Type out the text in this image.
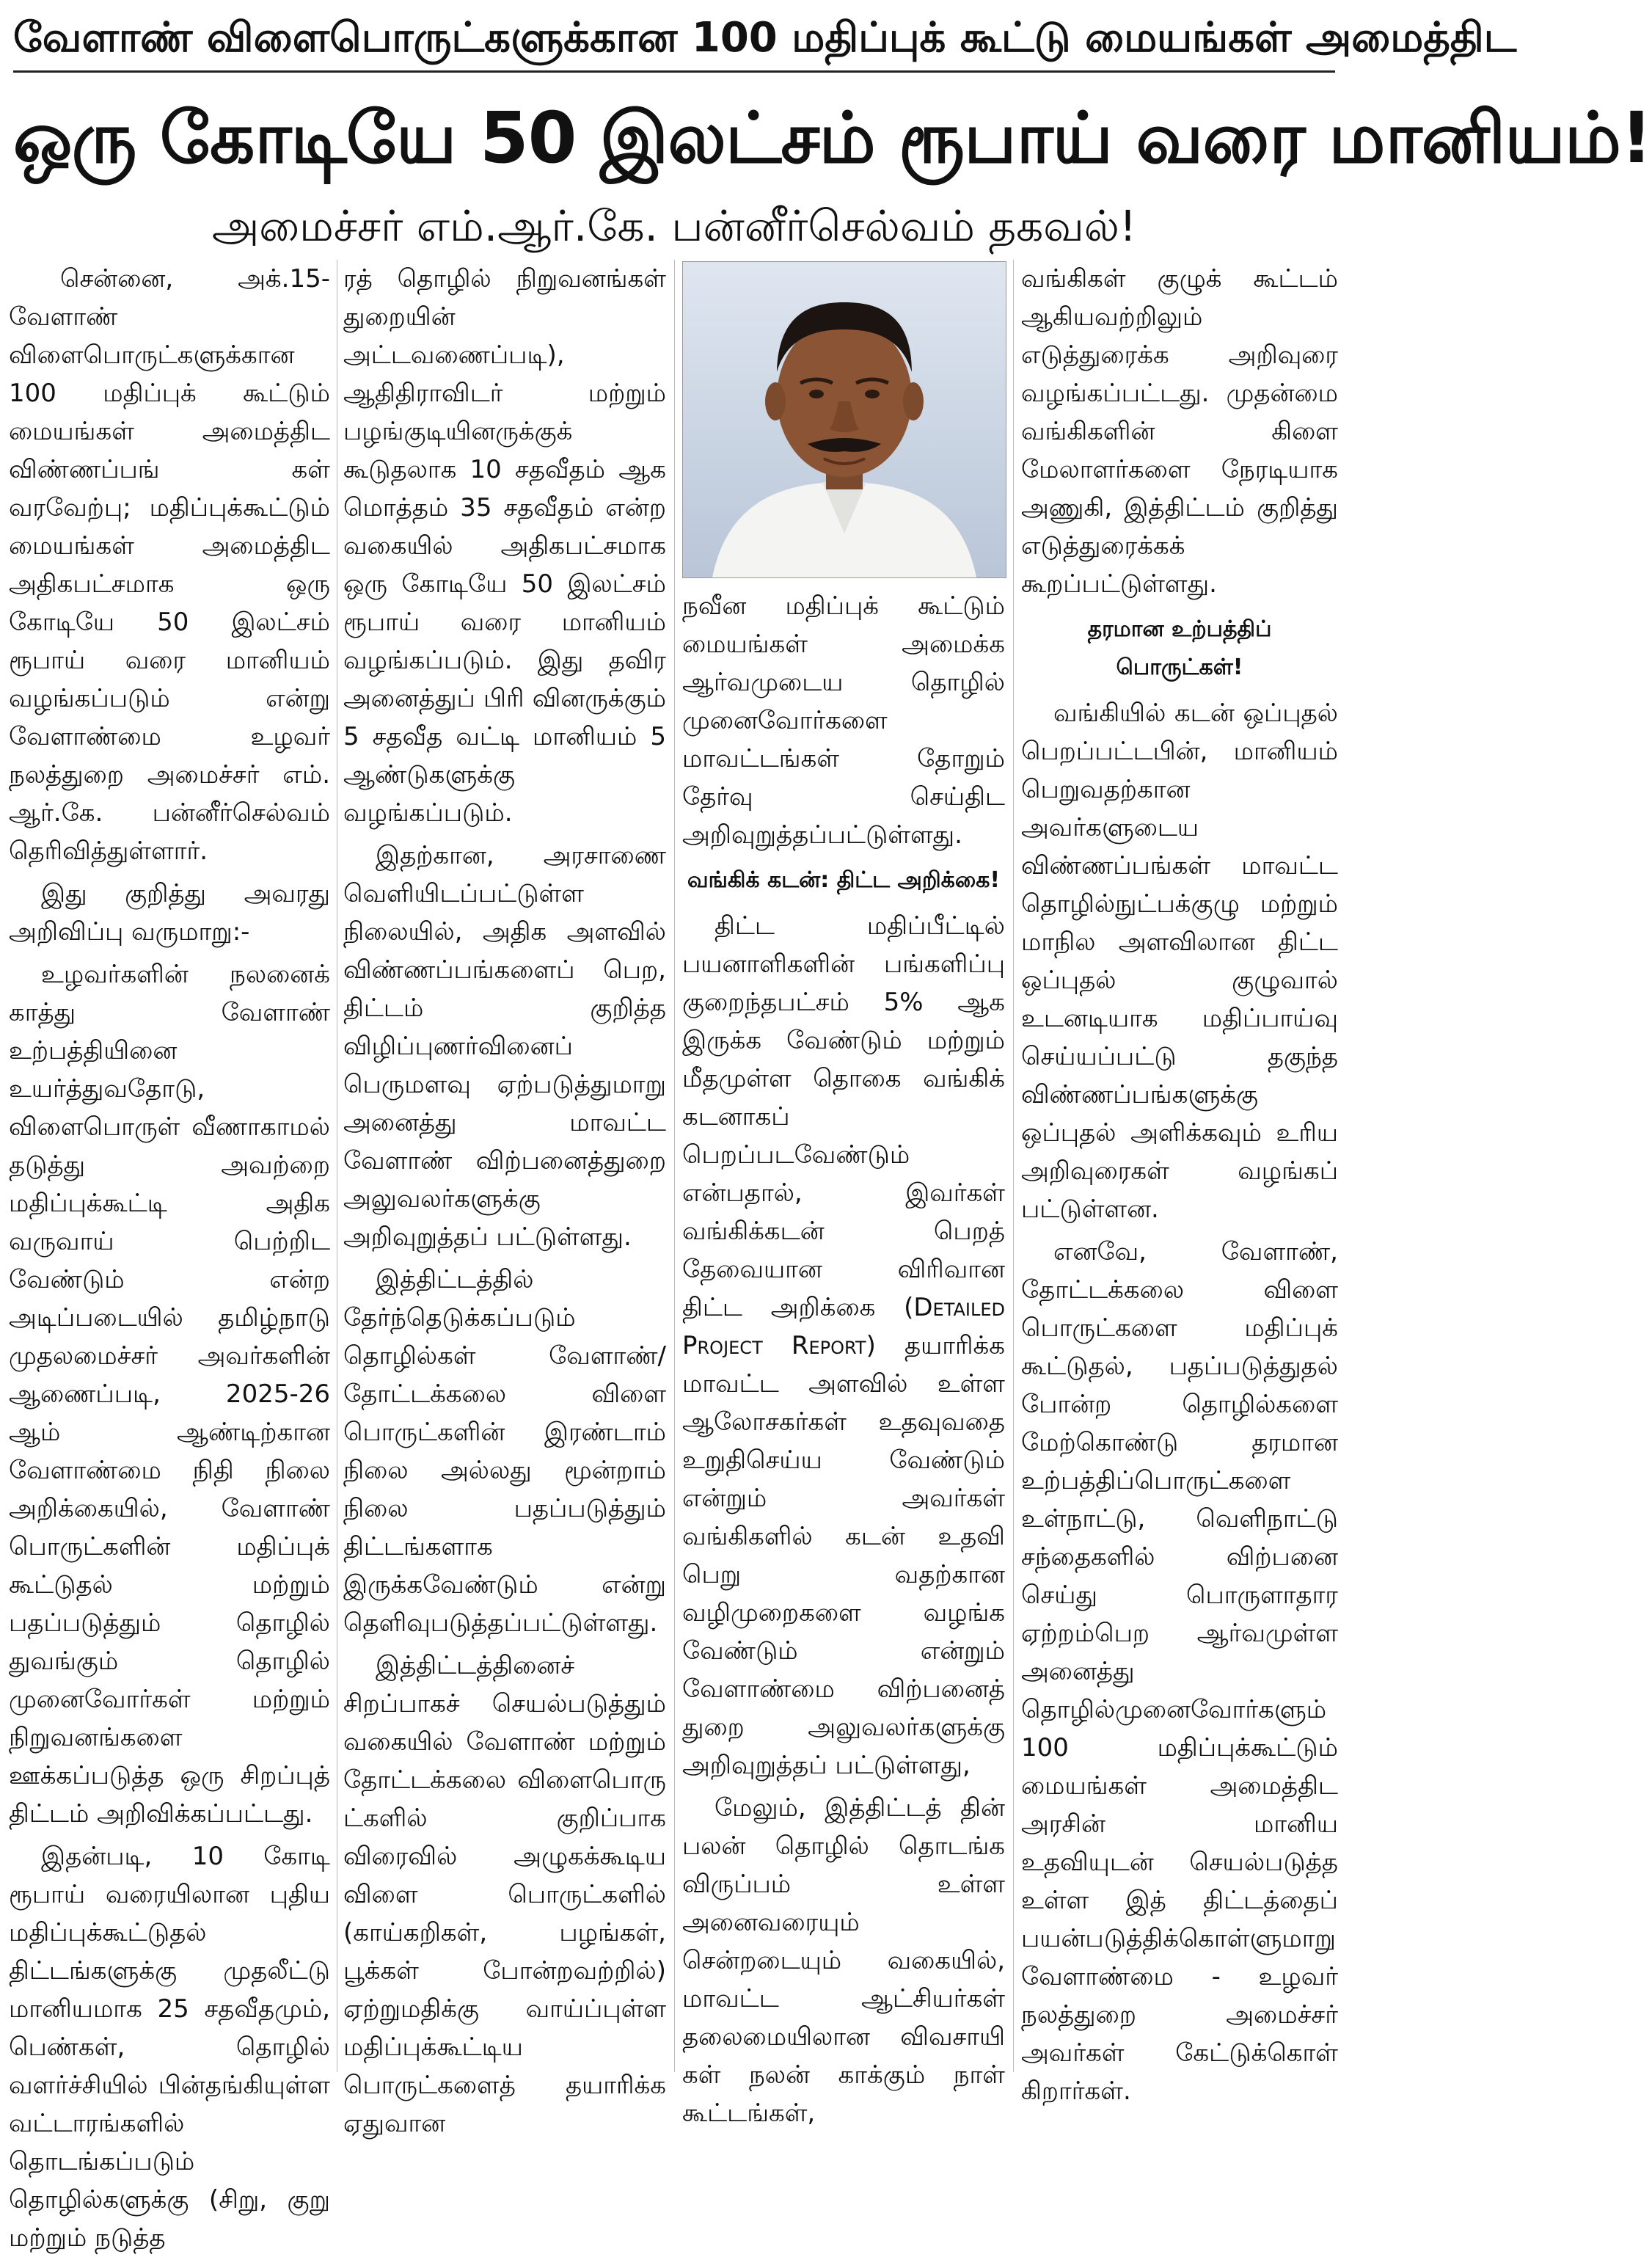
வேளாண் விளைபொருட்களுக்கான 100 மதிப்புக் கூட்டு மையங்கள் அமைத்திட
ஒரு கோடியே 50 இலட்சம் ரூபாய் வரை மானியம்!
அமைச்சர் எம்.ஆர்.கே. பன்னீர்செல்வம் தகவல்!

சென்னை, அக்.15- வேளாண் விளைபொருட்களுக்கான 100 மதிப்புக் கூட்டும் மையங்கள் அமைத்திட விண்ணப்பங் கள் வரவேற்பு; மதிப்புக்கூட்டும் மையங்கள் அமைத்திட அதிகபட்சமாக ஒரு கோடியே 50 இலட்சம் ரூபாய் வரை மானியம் வழங்கப்படும் என்று வேளாண்மை உழவர் நலத்துறை அமைச்சர் எம். ஆர்.கே. பன்னீர்செல்வம் தெரிவித்துள்ளார்.

இது குறித்து அவரது அறிவிப்பு வருமாறு:-

உழவர்களின் நலனைக் காத்து வேளாண் உற்பத்தியினை உயர்த்துவதோடு, விளைபொருள் வீணாகாமல் தடுத்து அவற்றை மதிப்புக்கூட்டி அதிக வருவாய் பெற்றிட வேண்டும் என்ற அடிப்படையில் தமிழ்நாடு முதலமைச்சர் அவர்களின் ஆணைப்படி, 2025-26 ஆம் ஆண்டிற்கான வேளாண்மை நிதி நிலை அறிக்கையில், வேளாண் பொருட்களின் மதிப்புக் கூட்டுதல் மற்றும் பதப்படுத்தும் தொழில் துவங்கும் தொழில் முனைவோர்கள் மற்றும் நிறுவனங்களை ஊக்கப்படுத்த ஒரு சிறப்புத் திட்டம் அறிவிக்கப்பட்டது.

இதன்படி, 10 கோடி ரூபாய் வரையிலான புதிய மதிப்புக்கூட்டுதல் திட்டங்களுக்கு முதலீட்டு மானியமாக 25 சதவீதமும், பெண்கள், தொழில் வளர்ச்சியில் பின்தங்கியுள்ள வட்டாரங்களில் தொடங்கப்படும் தொழில்களுக்கு (சிறு, குறு மற்றும் நடுத்த

ரத் தொழில் நிறுவனங்கள் துறையின் அட்டவணைப்படி), ஆதிதிராவிடர் மற்றும் பழங்குடியினருக்குக் கூடுதலாக 10 சதவீதம் ஆக மொத்தம் 35 சதவீதம் என்ற வகையில் அதிகபட்சமாக ஒரு கோடியே 50 இலட்சம் ரூபாய் வரை மானியம் வழங்கப்படும். இது தவிர அனைத்துப் பிரி வினருக்கும் 5 சதவீத வட்டி மானியம் 5 ஆண்டுகளுக்கு வழங்கப்படும்.

இதற்கான, அரசாணை வெளியிடப்பட்டுள்ள நிலையில், அதிக அளவில் விண்ணப்பங்களைப் பெற, திட்டம் குறித்த விழிப்புணர்வினைப் பெருமளவு ஏற்படுத்துமாறு அனைத்து மாவட்ட வேளாண் விற்பனைத்துறை அலுவலர்களுக்கு அறிவுறுத்தப் பட்டுள்ளது.

இத்திட்டத்தில் தேர்ந்தெடுக்கப்படும் தொழில்கள் வேளாண்/தோட்டக்கலை விளை பொருட்களின் இரண்டாம் நிலை அல்லது மூன்றாம் நிலை பதப்படுத்தும் திட்டங்களாக இருக்கவேண்டும் என்று தெளிவுபடுத்தப்பட்டுள்ளது.

இத்திட்டத்தினைச் சிறப்பாகச் செயல்படுத்தும் வகையில் வேளாண் மற்றும் தோட்டக்கலை விளைபொரு ட்களில் குறிப்பாக விரைவில் அழுகக்கூடிய விளை பொருட்களில் (காய்கறிகள், பழங்கள், பூக்கள் போன்றவற்றில்) ஏற்றுமதிக்கு வாய்ப்புள்ள மதிப்புக்கூட்டிய பொருட்களைத் தயாரிக்க ஏதுவான

நவீன மதிப்புக் கூட்டும் மையங்கள் அமைக்க ஆர்வமுடைய தொழில் முனைவோர்களை மாவட்டங்கள் தோறும் தேர்வு செய்திட அறிவுறுத்தப்பட்டுள்ளது.

வங்கிக் கடன்: திட்ட அறிக்கை!

திட்ட மதிப்பீட்டில் பயனாளிகளின் பங்களிப்பு குறைந்தபட்சம் 5% ஆக இருக்க வேண்டும் மற்றும் மீதமுள்ள தொகை வங்கிக் கடனாகப் பெறப்படவேண்டும் என்பதால், இவர்கள் வங்கிக்கடன் பெறத் தேவையான விரிவான திட்ட அறிக்கை (Detailed Project Report) தயாரிக்க மாவட்ட அளவில் உள்ள ஆலோசகர்கள் உதவுவதை உறுதிசெய்ய வேண்டும் என்றும் அவர்கள் வங்கிகளில் கடன் உதவி பெறு வதற்கான வழிமுறைகளை வழங்க வேண்டும் என்றும் வேளாண்மை விற்பனைத் துறை அலுவலர்களுக்கு அறிவுறுத்தப் பட்டுள்ளது,

மேலும், இத்திட்டத் தின் பலன் தொழில் தொடங்க விருப்பம் உள்ள அனைவரையும் சென்றடையும் வகையில், மாவட்ட ஆட்சியர்கள் தலைமையிலான விவசாயி கள் நலன் காக்கும் நாள் கூட்டங்கள்,

வங்கிகள் குழுக் கூட்டம் ஆகியவற்றிலும் எடுத்துரைக்க அறிவுரை வழங்கப்பட்டது. முதன்மை வங்கிகளின் கிளை மேலாளர்களை நேரடியாக அணுகி, இத்திட்டம் குறித்து எடுத்துரைக்கக் கூறப்பட்டுள்ளது.

தரமான உற்பத்திப் பொருட்கள்!

வங்கியில் கடன் ஒப்புதல் பெறப்பட்டபின், மானியம் பெறுவதற்கான அவர்களுடைய விண்ணப்பங்கள் மாவட்ட தொழில்நுட்பக்குழு மற்றும் மாநில அளவிலான திட்ட ஒப்புதல் குழுவால் உடனடியாக மதிப்பாய்வு செய்யப்பட்டு தகுந்த விண்ணப்பங்களுக்கு ஒப்புதல் அளிக்கவும் உரிய அறிவுரைகள் வழங்கப் பட்டுள்ளன.

எனவே, வேளாண், தோட்டக்கலை விளை பொருட்களை மதிப்புக் கூட்டுதல், பதப்படுத்துதல் போன்ற தொழில்களை மேற்கொண்டு தரமான உற்பத்திப்பொருட்களை உள்நாட்டு, வெளிநாட்டு சந்தைகளில் விற்பனை செய்து பொருளாதார ஏற்றம்பெற ஆர்வமுள்ள அனைத்து தொழில்முனைவோர்களும் 100 மதிப்புக்கூட்டும் மையங்கள் அமைத்திட அரசின் மானிய உதவியுடன் செயல்படுத்த உள்ள இத் திட்டத்தைப் பயன்படுத்திக்கொள்ளுமாறு வேளாண்மை - உழவர் நலத்துறை அமைச்சர் அவர்கள் கேட்டுக்கொள் கிறார்கள்.
